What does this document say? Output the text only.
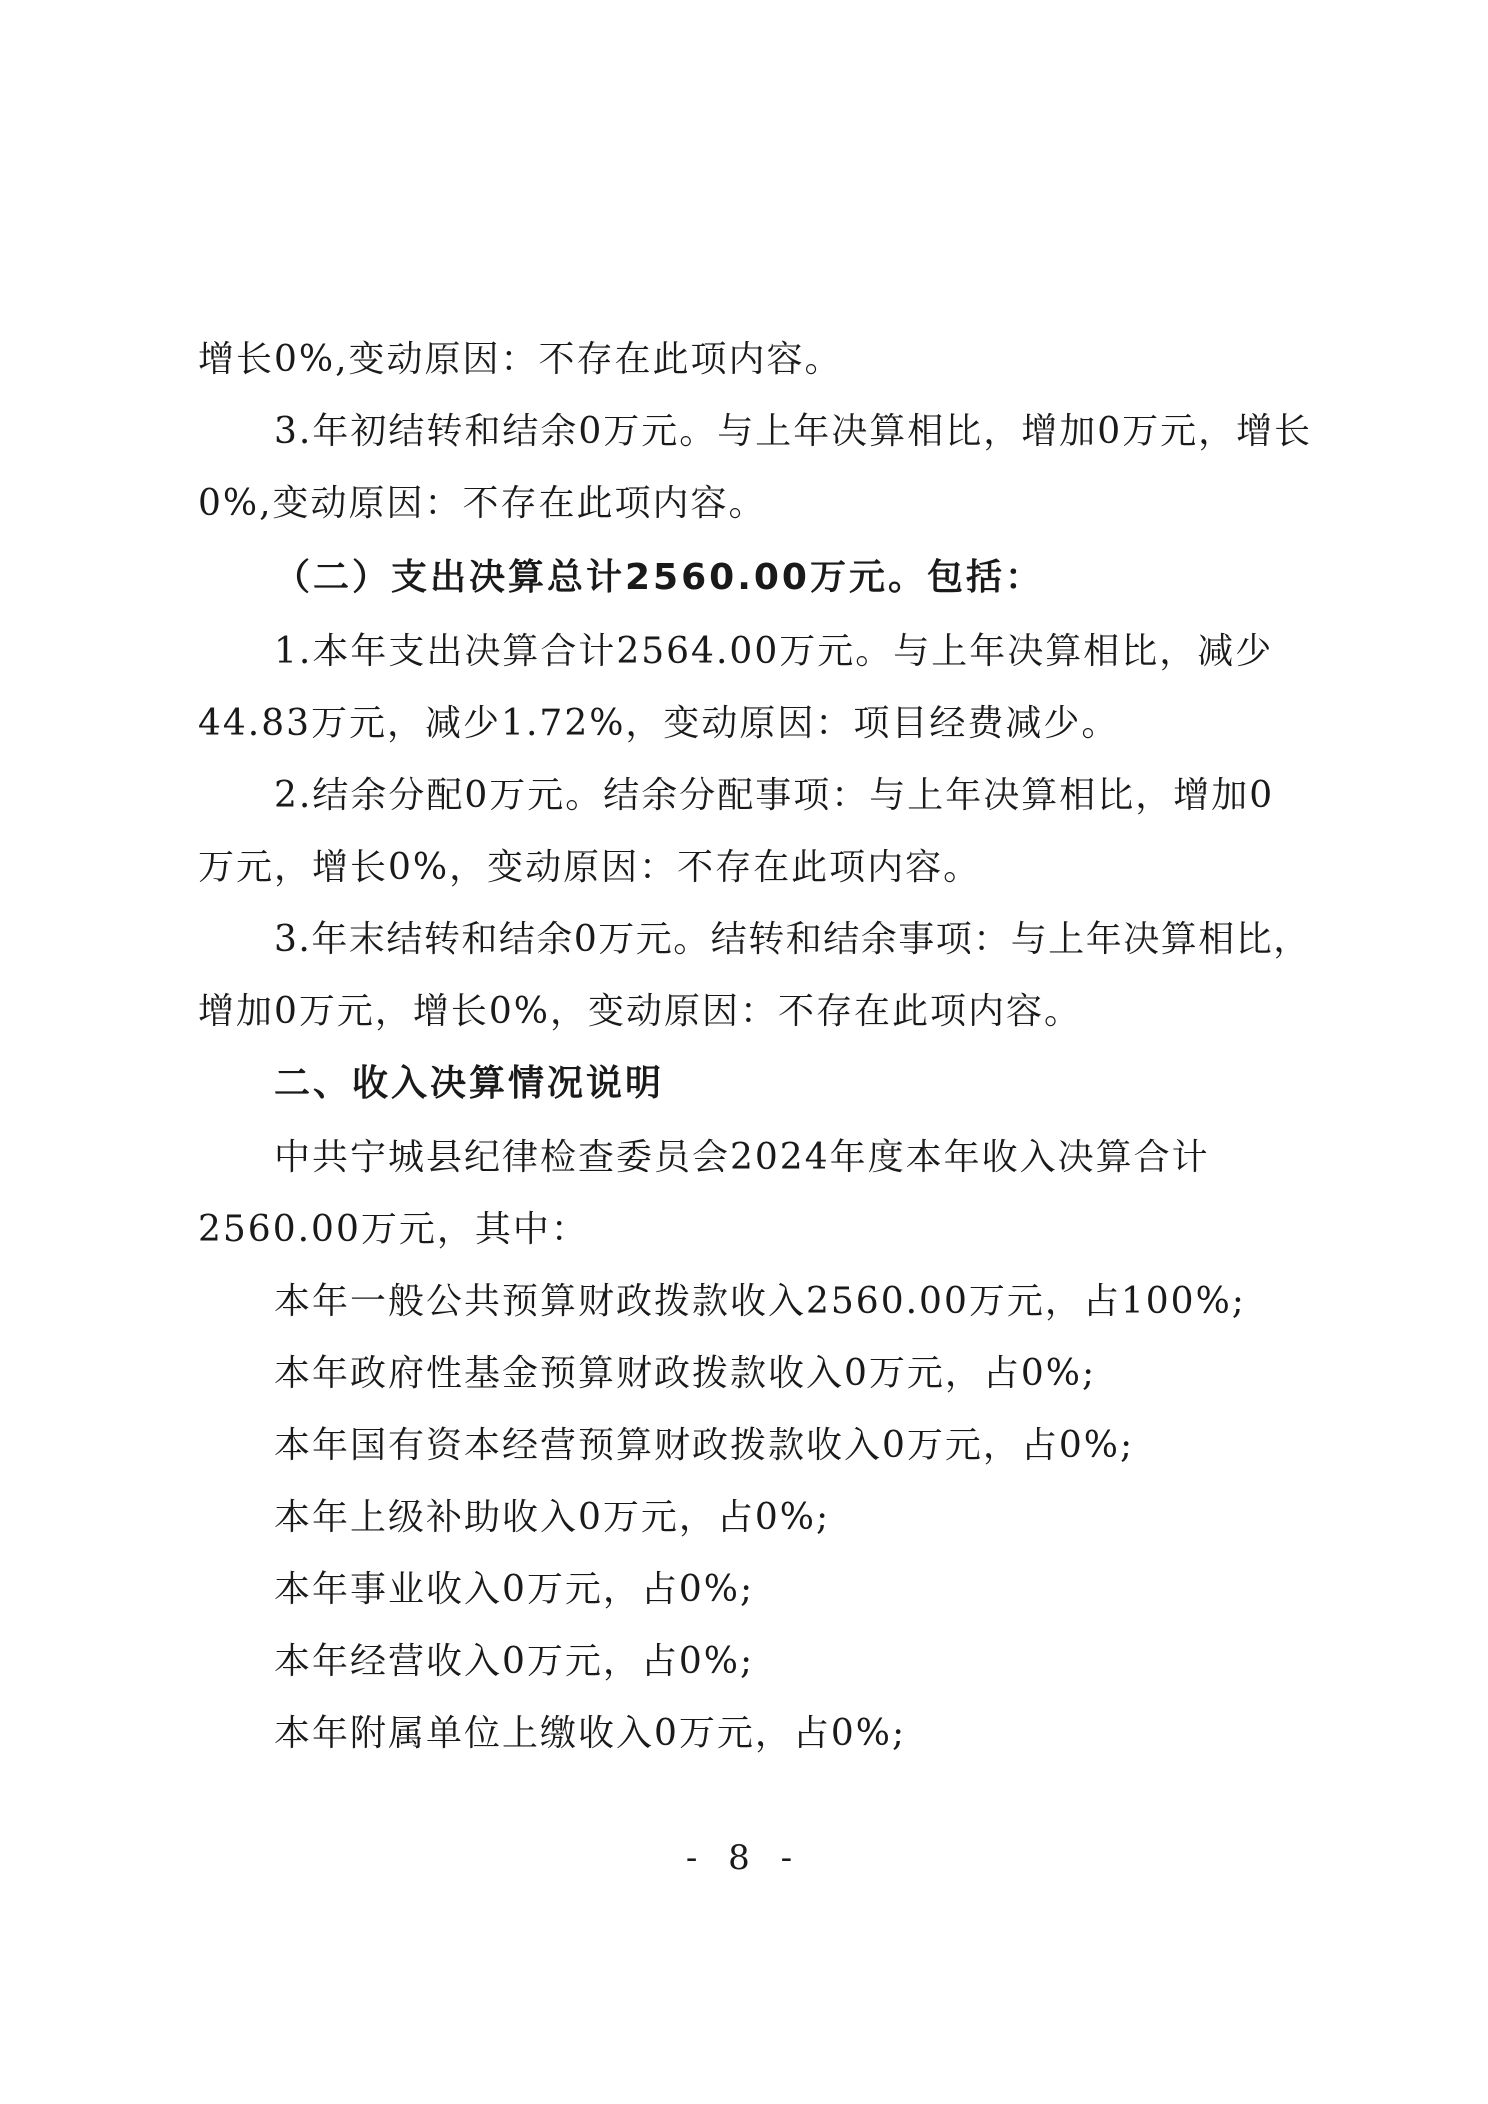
增长0%,变动原因：不存在此项内容。
3.年初结转和结余0万元。与上年决算相比，增加0万元，增长
0%,变动原因：不存在此项内容。
（二）支出决算总计2560.00万元。包括：
1.本年支出决算合计2564.00万元。与上年决算相比，减少
44.83万元，减少1.72%，变动原因：项目经费减少。
2.结余分配0万元。结余分配事项：与上年决算相比，增加0
万元，增长0%，变动原因：不存在此项内容。
3.年末结转和结余0万元。结转和结余事项：与上年决算相比，
增加0万元，增长0%，变动原因：不存在此项内容。
二、收入决算情况说明
中共宁城县纪律检查委员会2024年度本年收入决算合计
2560.00万元，其中：
本年一般公共预算财政拨款收入2560.00万元，占100%;
本年政府性基金预算财政拨款收入0万元，占0%;
本年国有资本经营预算财政拨款收入0万元，占0%;
本年上级补助收入0万元，占0%;
本年事业收入0万元，占0%;
本年经营收入0万元，占0%;
本年附属单位上缴收入0万元，占0%;
- 8 -
